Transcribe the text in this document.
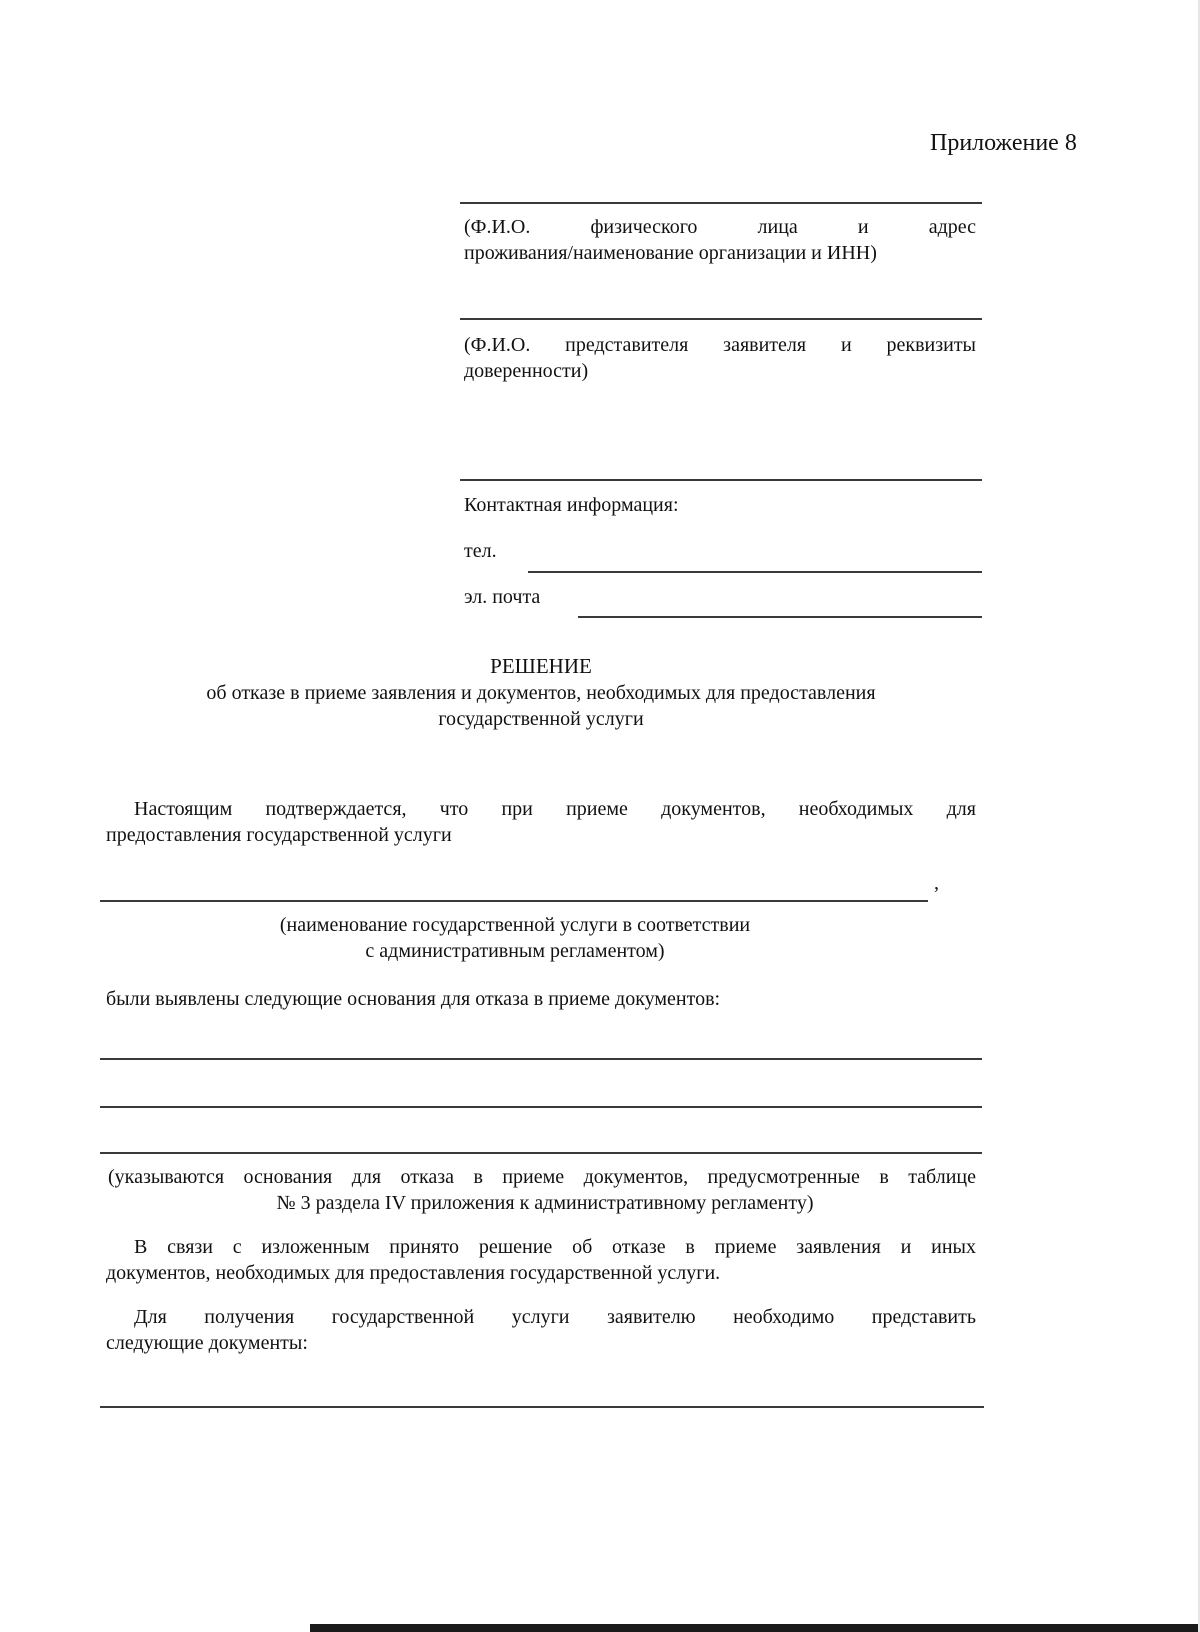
Приложение 8
(Ф.И.О. физического лица и адрес
проживания/наименование организации и ИНН)
(Ф.И.О. представителя заявителя и реквизиты
доверенности)
Контактная информация:
тел.
эл. почта
РЕШЕНИЕ
об отказе в приеме заявления и документов, необходимых для предоставления
государственной услуги
Настоящим подтверждается, что при приеме документов, необходимых для
предоставления государственной услуги
,
(наименование государственной услуги в соответствии
с административным регламентом)
были выявлены следующие основания для отказа в приеме документов:
(указываются основания для отказа в приеме документов, предусмотренные в таблице
№ 3 раздела IV приложения к административному регламенту)
В связи с изложенным принято решение об отказе в приеме заявления и иных
документов, необходимых для предоставления государственной услуги.
Для получения государственной услуги заявителю необходимо представить
следующие документы:
